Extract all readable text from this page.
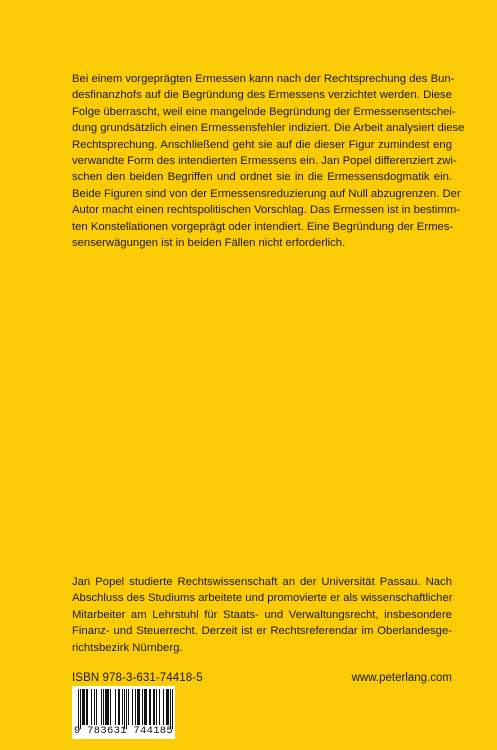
Bei einem vorgeprägten Ermessen kann nach der Rechtsprechung des Bun-
desfinanzhofs auf die Begründung des Ermessens verzichtet werden. Diese
Folge überrascht, weil eine mangelnde Begründung der Ermessensentschei-
dung grundsätzlich einen Ermessensfehler indiziert. Die Arbeit analysiert diese
Rechtsprechung. Anschließend geht sie auf die dieser Figur zumindest eng
verwandte Form des intendierten Ermessens ein. Jan Popel differenziert zwi-
schen den beiden Begriffen und ordnet sie in die Ermessensdogmatik ein.
Beide Figuren sind von der Ermessensreduzierung auf Null abzugrenzen. Der
Autor macht einen rechtspolitischen Vorschlag. Das Ermessen ist in bestimm-
ten Konstellationen vorgeprägt oder intendiert. Eine Begründung der Ermes-
senserwägungen ist in beiden Fällen nicht erforderlich.
Jan Popel studierte Rechtswissenschaft an der Universität Passau. Nach
Abschluss des Studiums arbeitete und promovierte er als wissenschaftlicher
Mitarbeiter am Lehrstuhl für Staats- und Verwaltungsrecht, insbesondere
Finanz- und Steuerrecht. Derzeit ist er Rechtsreferendar im Oberlandesge-
richtsbezirk Nürnberg.
ISBN 978-3-631-74418-5	www.peterlang.com
9 783631 744185
